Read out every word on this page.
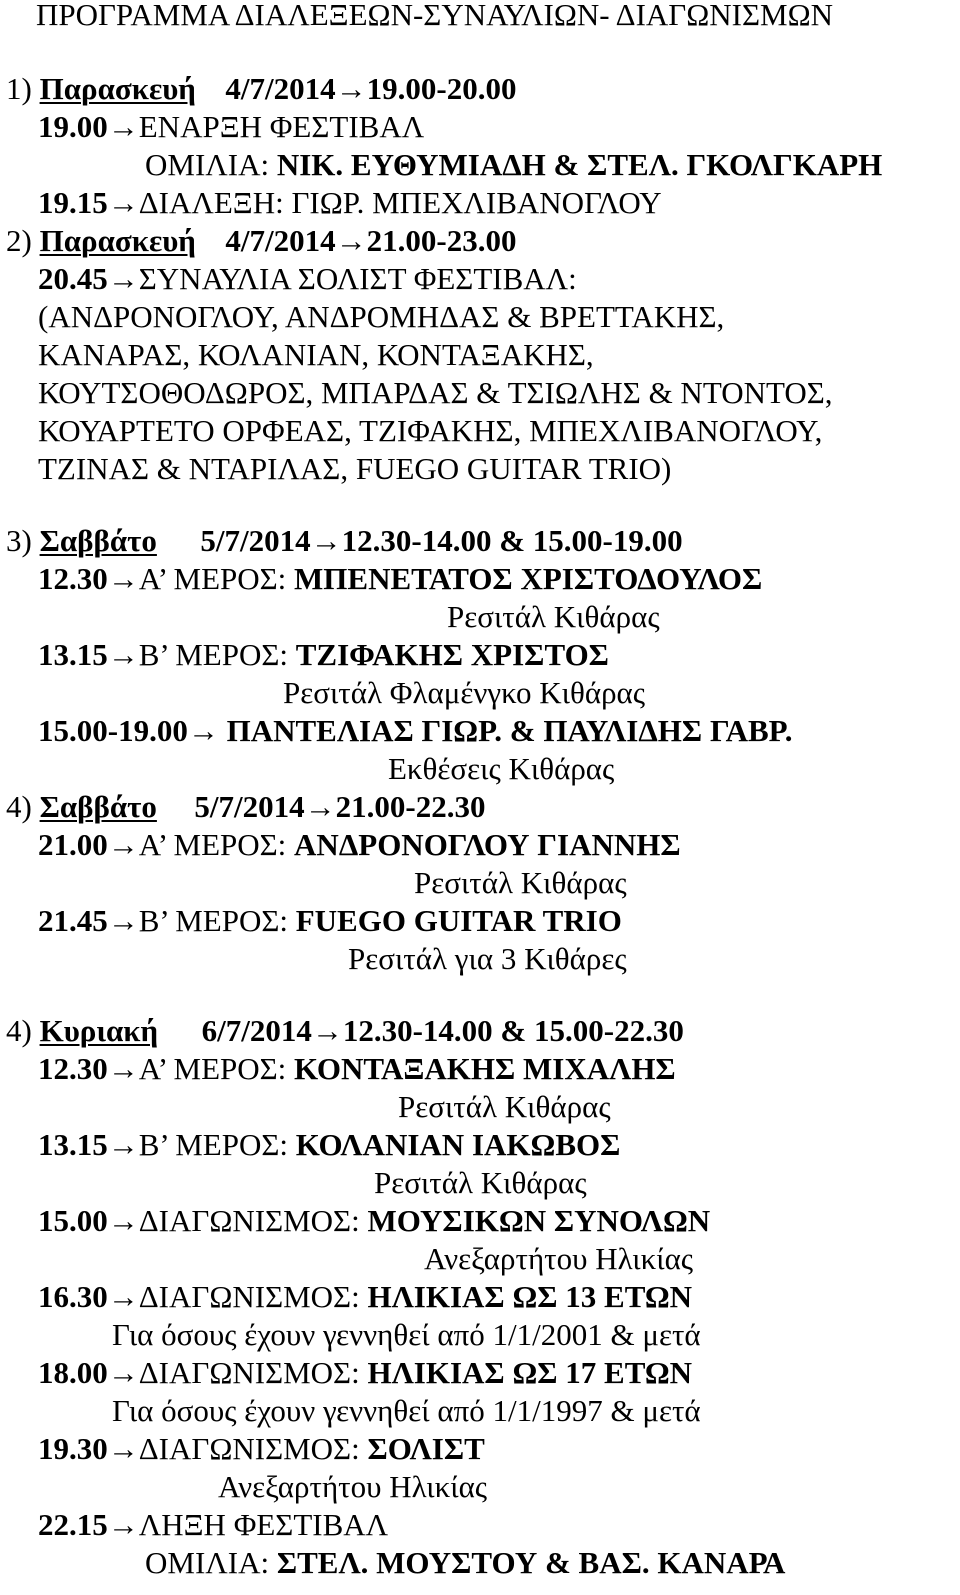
ΠΡΟΓΡΑΜΜΑ ΔΙΑΛΕΞΕΩΝ-ΣΥΝΑΥΛΙΩΝ- ΔΙΑΓΩΝΙΣΜΩΝ
1) Παρασκευή 4/7/2014→19.00-20.00
19.00→ΕΝΑΡΞΗ ΦΕΣΤΙΒΑΛ
ΟΜΙΛΙΑ: ΝΙΚ. ΕΥΘΥΜΙΑΔΗ & ΣΤΕΛ. ΓΚΟΛΓΚΑΡΗ
19.15→ΔΙΑΛΕΞΗ: ΓΙΩΡ. ΜΠΕΧΛΙΒΑΝΟΓΛΟΥ
2) Παρασκευή 4/7/2014→21.00-23.00
20.45→ΣΥΝΑΥΛΙΑ ΣΟΛΙΣΤ ΦΕΣΤΙΒΑΛ:
(ΑΝΔΡΟΝΟΓΛΟΥ, ΑΝΔΡΟΜΗΔΑΣ & ΒΡΕΤΤΑΚΗΣ,
ΚΑΝΑΡΑΣ, ΚΟΛΑΝΙΑΝ, ΚΟΝΤΑΞΑΚΗΣ,
ΚΟΥΤΣΟΘΟΔΩΡΟΣ, ΜΠΑΡΔΑΣ & ΤΣΙΩΛΗΣ & ΝΤΟΝΤΟΣ,
ΚΟΥΑΡΤΕΤΟ ΟΡΦΕΑΣ, ΤΖΙΦΑΚΗΣ, ΜΠΕΧΛΙΒΑΝΟΓΛΟΥ,
ΤΖΙΝΑΣ & ΝΤΑΡΙΛΑΣ, FUEGO GUITAR TRIO)
3) Σαββάτο 5/7/2014→12.30-14.00 & 15.00-19.00
12.30→Α’ ΜΕΡΟΣ: ΜΠΕΝΕΤΑΤΟΣ ΧΡΙΣΤΟΔΟΥΛΟΣ
Ρεσιτάλ Κιθάρας
13.15→Β’ ΜΕΡΟΣ: ΤΖΙΦΑΚΗΣ ΧΡΙΣΤΟΣ
Ρεσιτάλ Φλαμένγκο Κιθάρας
15.00-19.00→ ΠΑΝΤΕΛΙΑΣ ΓΙΩΡ. & ΠΑΥΛΙΔΗΣ ΓΑΒΡ.
Εκθέσεις Κιθάρας
4) Σαββάτο 5/7/2014→21.00-22.30
21.00→Α’ ΜΕΡΟΣ: ΑΝΔΡΟΝΟΓΛΟΥ ΓΙΑΝΝΗΣ
Ρεσιτάλ Κιθάρας
21.45→Β’ ΜΕΡΟΣ: FUEGO GUITAR TRIO
Ρεσιτάλ για 3 Κιθάρες
4) Κυριακή 6/7/2014→12.30-14.00 & 15.00-22.30
12.30→Α’ ΜΕΡΟΣ: ΚΟΝΤΑΞΑΚΗΣ ΜΙΧΑΛΗΣ
Ρεσιτάλ Κιθάρας
13.15→Β’ ΜΕΡΟΣ: ΚΟΛΑΝΙΑΝ ΙΑΚΩΒΟΣ
Ρεσιτάλ Κιθάρας
15.00→ΔΙΑΓΩΝΙΣΜΟΣ: ΜΟΥΣΙΚΩΝ ΣΥΝΟΛΩΝ
Ανεξαρτήτου Ηλικίας
16.30→ΔΙΑΓΩΝΙΣΜΟΣ: ΗΛΙΚΙΑΣ ΩΣ 13 ΕΤΩΝ
Για όσους έχουν γεννηθεί από 1/1/2001 & μετά
18.00→ΔΙΑΓΩΝΙΣΜΟΣ: ΗΛΙΚΙΑΣ ΩΣ 17 ΕΤΩΝ
Για όσους έχουν γεννηθεί από 1/1/1997 & μετά
19.30→ΔΙΑΓΩΝΙΣΜΟΣ: ΣΟΛΙΣΤ
Ανεξαρτήτου Ηλικίας
22.15→ΛΗΞΗ ΦΕΣΤΙΒΑΛ
ΟΜΙΛΙΑ: ΣΤΕΛ. ΜΟΥΣΤΟΥ & ΒΑΣ. ΚΑΝΑΡΑ
